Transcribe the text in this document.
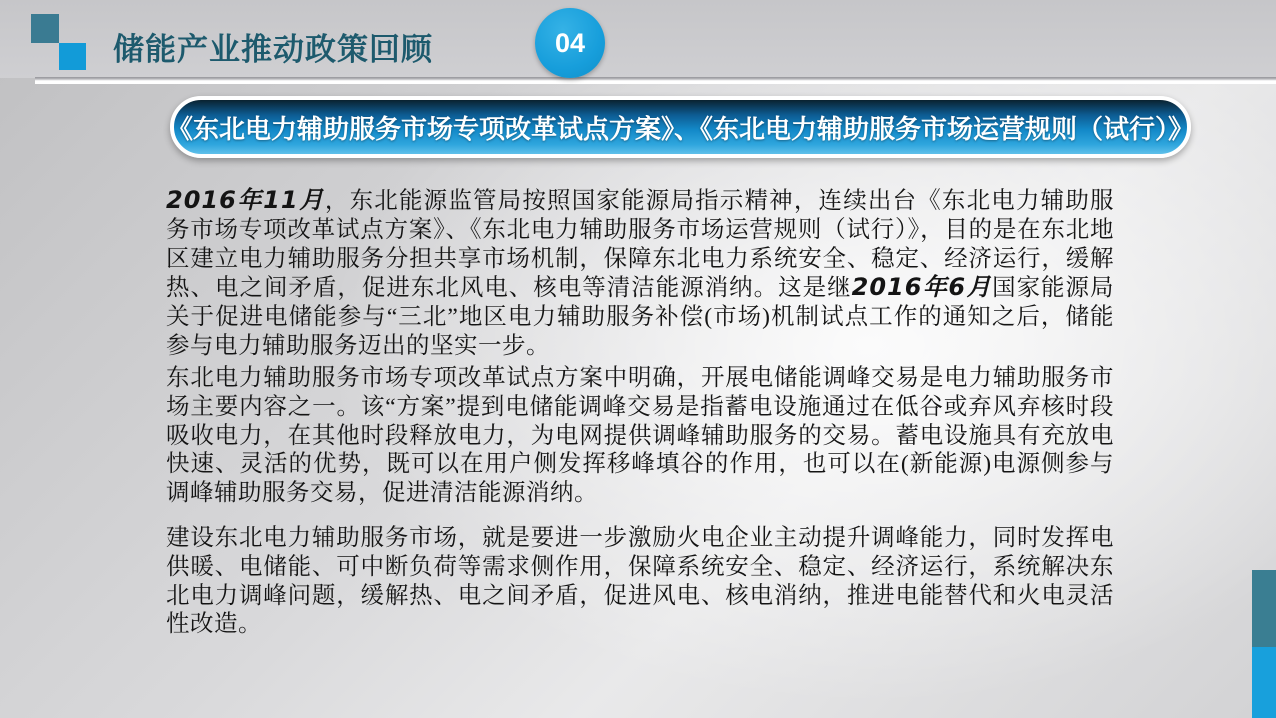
储能产业推动政策回顾	04
《东北电力辅助服务市场专项改革试点方案》、《东北电力辅助服务市场运营规则（试行）》

2016年11月，东北能源监管局按照国家能源局指示精神，连续出台《东北电力辅助服务市场专项改革试点方案》、《东北电力辅助服务市场运营规则（试行）》，目的是在东北地区建立电力辅助服务分担共享市场机制，保障东北电力系统安全、稳定、经济运行，缓解热、电之间矛盾，促进东北风电、核电等清洁能源消纳。这是继2016年6月国家能源局关于促进电储能参与“三北”地区电力辅助服务补偿(市场)机制试点工作的通知之后，储能参与电力辅助服务迈出的坚实一步。

东北电力辅助服务市场专项改革试点方案中明确，开展电储能调峰交易是电力辅助服务市场主要内容之一。该“方案”提到电储能调峰交易是指蓄电设施通过在低谷或弃风弃核时段吸收电力，在其他时段释放电力，为电网提供调峰辅助服务的交易。蓄电设施具有充放电快速、灵活的优势，既可以在用户侧发挥移峰填谷的作用，也可以在(新能源)电源侧参与调峰辅助服务交易，促进清洁能源消纳。

建设东北电力辅助服务市场，就是要进一步激励火电企业主动提升调峰能力，同时发挥电供暖、电储能、可中断负荷等需求侧作用，保障系统安全、稳定、经济运行，系统解决东北电力调峰问题，缓解热、电之间矛盾，促进风电、核电消纳，推进电能替代和火电灵活性改造。
